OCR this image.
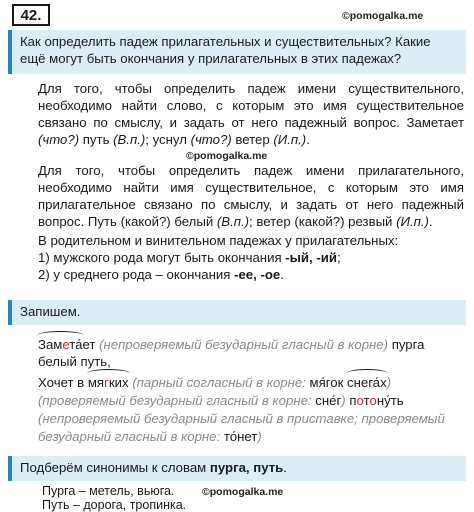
42.	©pomogalka.me
Как определить падеж прилагательных и существительных? Какие ещё могут быть окончания у прилагательных в этих падежах?
Для того, чтобы определить падеж имени существительного, необходимо найти слово, с которым это имя существительное связано по смыслу, и задать от него падежный вопрос. Заметает (что?) путь (В.п.); уснул (что?) ветер (И.п.).
©pomogalka.me
Для того, чтобы определить падеж имени прилагательного, необходимо найти имя существительное, с которым это имя прилагательное связано по смыслу, и задать от него падежный вопрос. Путь (какой?) белый (В.п.); ветер (какой?) резвый (И.п.).
В родительном и винительном падежах у прилагательных:
1) мужского рода могут быть окончания -ый, -ий;
2) у среднего рода – окончания -ее, -ое.
Запишем.
Замета́ет (непроверяемый безударный гласный в корне) пурга белый путь,
Хочет в мягких (парный согласный в корне: мя́гок снега́х) (проверяемый безударный гласный в корне: сне́г) потону́ть (непроверяемый безударный гласный в приставке; проверяемый безударный гласный в корне: то́нет)
Подберём синонимы к словам пурга, путь.
Пурга – метель, вьюга.
Путь – дорога, тропинка.
©pomogalka.me
